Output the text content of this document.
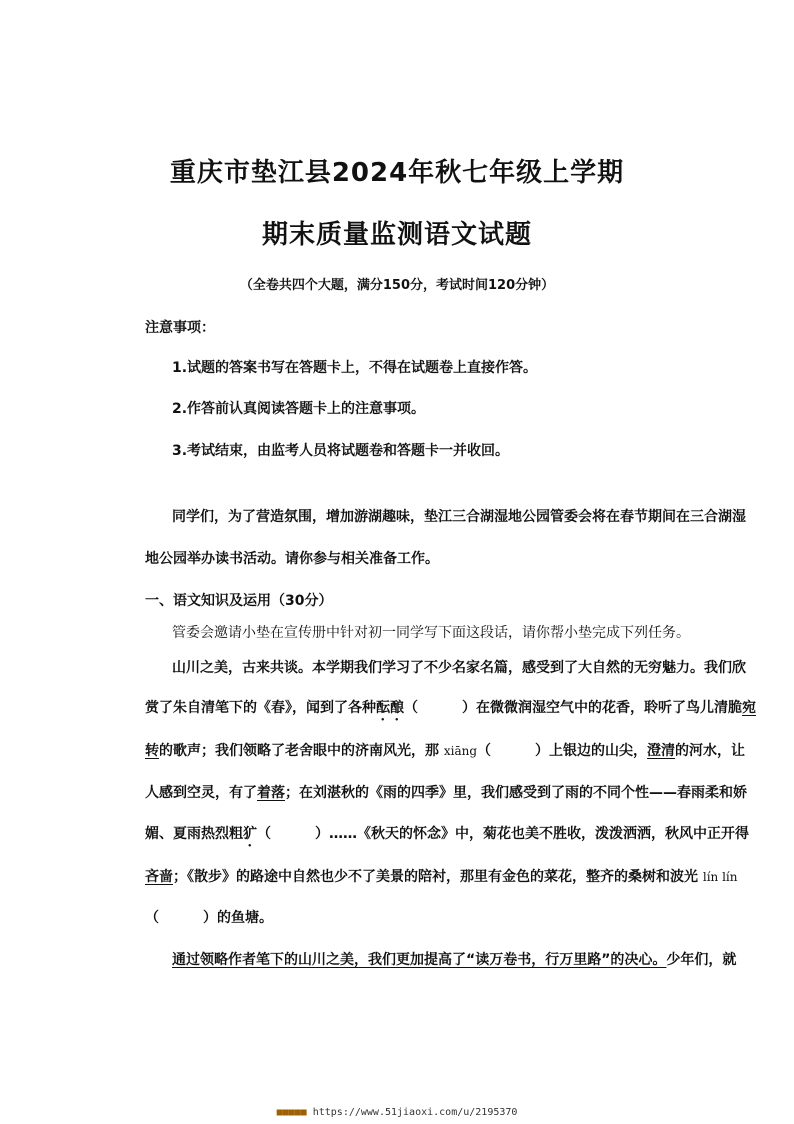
重庆市垫江县2024年秋七年级上学期
期末质量监测语文试题
（全卷共四个大题，满分150分，考试时间120分钟）
注意事项：
1.试题的答案书写在答题卡上，不得在试题卷上直接作答。
2.作答前认真阅读答题卡上的注意事项。
3.考试结束，由监考人员将试题卷和答题卡一并收回。
同学们，为了营造氛围，增加游湖趣味，垫江三合湖湿地公园管委会将在春节期间在三合湖湿
地公园举办读书活动。请你参与相关准备工作。
一、语文知识及运用（30分）
管委会邀请小垫在宣传册中针对初一同学写下面这段话，请你帮小垫完成下列任务。
山川之美，古来共谈。本学期我们学习了不少名家名篇，感受到了大自然的无穷魅力。我们欣
赏了朱自清笔下的《春》，闻到了各种酝酿（	）在微微润湿空气中的花香，聆听了鸟儿清脆宛
转的歌声；我们领略了老舍眼中的济南风光，那 xiāng（	）上银边的山尖，澄清的河水，让
人感到空灵，有了着落；在刘湛秋的《雨的四季》里，我们感受到了雨的不同个性——春雨柔和娇
媚、夏雨热烈粗犷（	）……《秋天的怀念》中，菊花也美不胜收，泼泼洒洒，秋风中正开得
吝啬；《散步》的路途中自然也少不了美景的陪衬，那里有金色的菜花，整齐的桑树和波光 lín lín
（	）的鱼塘。
通过领略作者笔下的山川之美，我们更加提高了“读万卷书，行万里路”的决心。少年们，就
■■■■■ https://www.51jiaoxi.com/u/2195370
